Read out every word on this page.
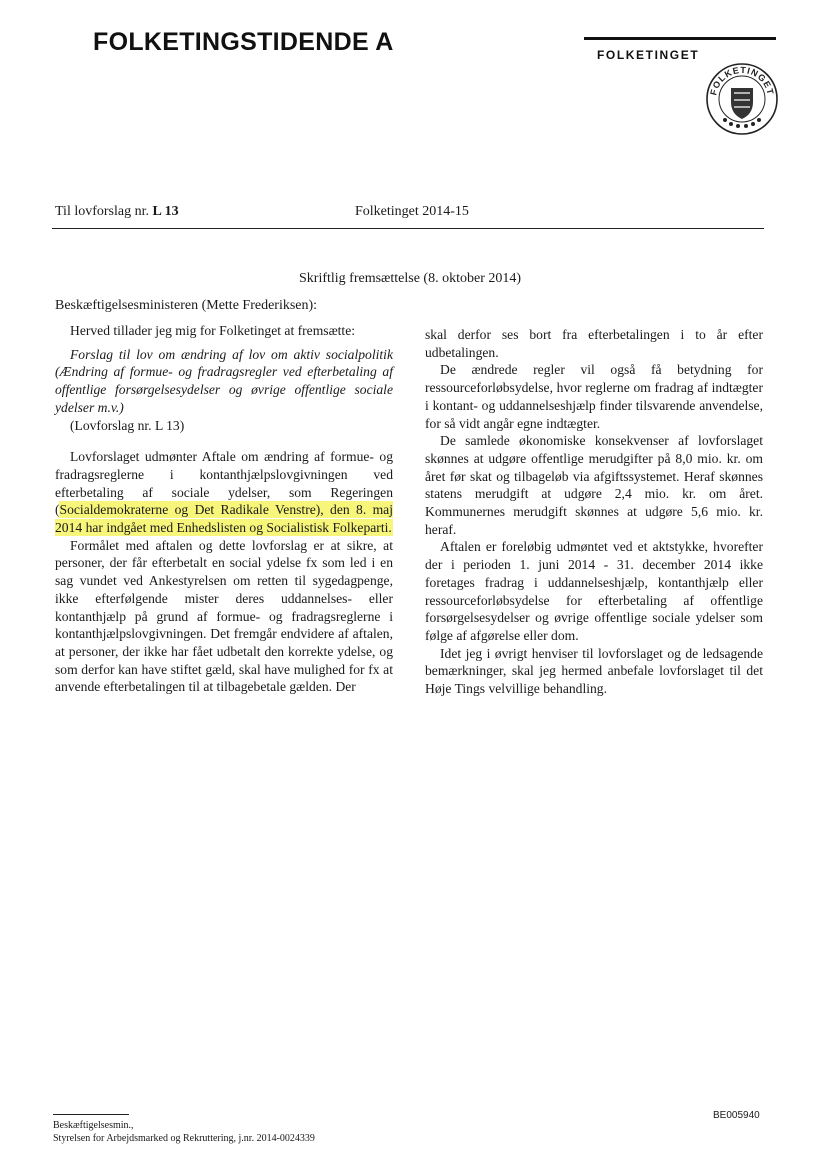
FOLKETINGSTIDENDE A	FOLKETINGET
FOLKETINGET
Til lovforslag nr. L 13	Folketinget 2014-15
Skriftlig fremsættelse (8. oktober 2014)
Beskæftigelsesministeren (Mette Frederiksen):

Herved tillader jeg mig for Folketinget at fremsætte:

Forslag til lov om ændring af lov om aktiv socialpolitik (Ændring af formue- og fradragsregler ved efterbetaling af offentlige forsørgelsesydelser og øvrige offentlige sociale ydelser m.v.)

(Lovforslag nr. L 13)

Lovforslaget udmønter Aftale om ændring af formue- og fradragsreglerne i kontanthjælpslovgivningen ved efterbetaling af sociale ydelser, som Regeringen (Socialdemokraterne og Det Radikale Venstre), den 8. maj 2014 har indgået med Enhedslisten og Socialistisk Folkeparti.

Formålet med aftalen og dette lovforslag er at sikre, at personer, der får efterbetalt en social ydelse fx som led i en sag vundet ved Ankestyrelsen om retten til sygedagpenge, ikke efterfølgende mister deres uddannelses- eller kontanthjælp på grund af formue- og fradragsreglerne i kontanthjælpslovgivningen. Det fremgår endvidere af aftalen, at personer, der ikke har fået udbetalt den korrekte ydelse, og som derfor kan have stiftet gæld, skal have mulighed for fx at anvende efterbetalingen til at tilbagebetale gælden. Der

skal derfor ses bort fra efterbetalingen i to år efter udbetalingen.

De ændrede regler vil også få betydning for ressourceforløbsydelse, hvor reglerne om fradrag af indtægter i kontant- og uddannelseshjælp finder tilsvarende anvendelse, for så vidt angår egne indtægter.

De samlede økonomiske konsekvenser af lovforslaget skønnes at udgøre offentlige merudgifter på 8,0 mio. kr. om året før skat og tilbageløb via afgiftssystemet. Heraf skønnes statens merudgift at udgøre 2,4 mio. kr. om året. Kommunernes merudgift skønnes at udgøre 5,6 mio. kr. heraf.

Aftalen er foreløbig udmøntet ved et aktstykke, hvorefter der i perioden 1. juni 2014 - 31. december 2014 ikke foretages fradrag i uddannelseshjælp, kontanthjælp eller ressourceforløbsydelse for efterbetaling af offentlige forsørgelsesydelser og øvrige offentlige sociale ydelser som følge af afgørelse eller dom.

Idet jeg i øvrigt henviser til lovforslaget og de ledsagende bemærkninger, skal jeg hermed anbefale lovforslaget til det Høje Tings velvillige behandling.

Beskæftigelsesmin.,
Styrelsen for Arbejdsmarked og Rekruttering, j.nr. 2014-0024339
BE005940
